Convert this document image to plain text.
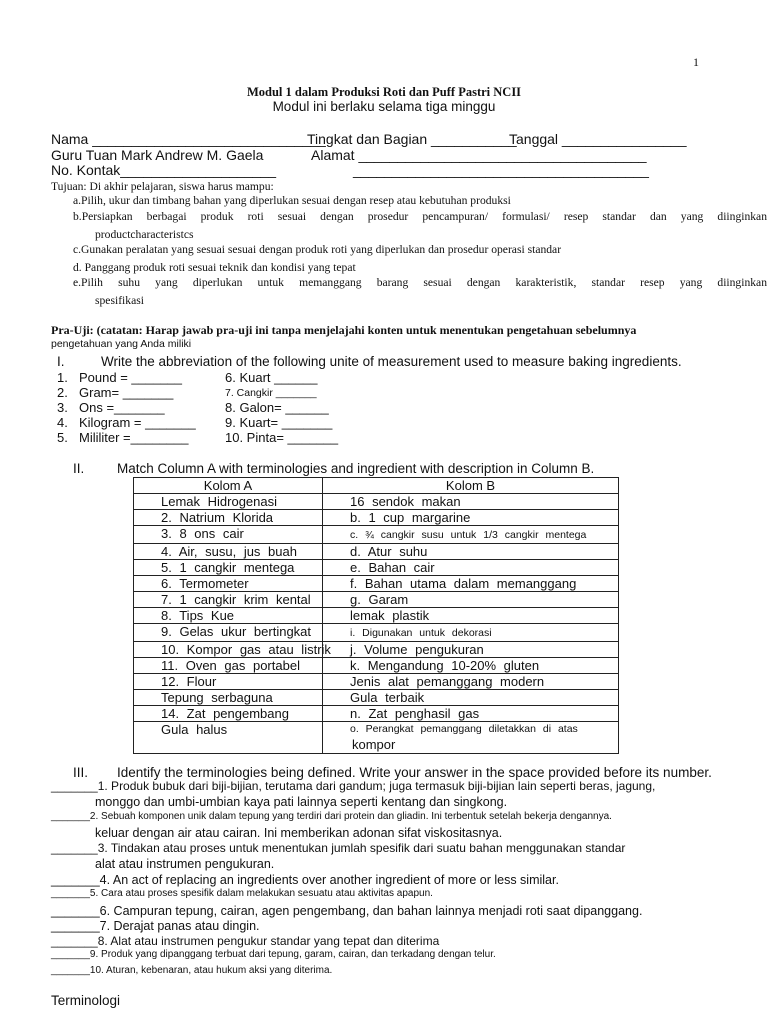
1
Modul 1 dalam Produksi Roti dan Puff Pastri NCII
Modul ini berlaku selama tiga minggu
Nama ______________________________
Tingkat dan Bagian ___________
Tanggal ________________
Guru Tuan Mark Andrew M. Gaela	Alamat _____________________________________
No. Kontak____________________	______________________________________
Tujuan: Di akhir pelajaran, siswa harus mampu:
a.Pilih, ukur dan timbang bahan yang diperlukan sesuai dengan resep atau kebutuhan produksi
b.Persiapkan berbagai produk roti sesuai dengan prosedur pencampuran/ formulasi/ resep standar dan yang diinginkan
productcharacteristcs
c.Gunakan peralatan yang sesuai sesuai dengan produk roti yang diperlukan dan prosedur operasi standar
d. Panggang produk roti sesuai teknik dan kondisi yang tepat
e.Pilih suhu yang diperlukan untuk memanggang barang sesuai dengan karakteristik, standar resep yang diinginkan
spesifikasi
Pra-Uji: (catatan: Harap jawab pra-uji ini tanpa menjelajahi konten untuk menentukan pengetahuan sebelumnya
pengetahuan yang Anda miliki
I.	Write the abbreviation of the following unite of measurement used to measure baking ingredients.
1. Pound = _______
2. Gram= _______
3. Ons =_______
4. Kilogram = _______
5. Mililiter =________
6. Kuart ______
7. Cangkir _______
8. Galon= ______
9. Kuart= _______
10. Pinta= _______
II. Match Column A with terminologies and ingredient with description in Column B.
Kolom A	Kolom B
Lemak Hidrogenasi	16 sendok makan
2. Natrium Klorida	b. 1 cup margarine
3. 8 ons cair	c. ¾ cangkir susu untuk 1/3 cangkir mentega
4. Air, susu, jus buah	d. Atur suhu
5. 1 cangkir mentega	e. Bahan cair
6. Termometer	f. Bahan utama dalam memanggang
7. 1 cangkir krim kental	g. Garam
8. Tips Kue	lemak plastik
9. Gelas ukur bertingkat	i. Digunakan untuk dekorasi
10. Kompor gas atau listrik	j. Volume pengukuran
11. Oven gas portabel	k. Mengandung 10-20% gluten
12. Flour	Jenis alat pemanggang modern
Tepung serbaguna	Gula terbaik
14. Zat pengembang	n. Zat penghasil gas
Gula halus	o. Perangkat pemanggang diletakkan di atas
kompor
III. Identify the terminologies being defined. Write your answer in the space provided before its number.
_______1. Produk bubuk dari biji-bijian, terutama dari gandum; juga termasuk biji-bijian lain seperti beras, jagung,
monggo dan umbi-umbian kaya pati lainnya seperti kentang dan singkong.
_______2. Sebuah komponen unik dalam tepung yang terdiri dari protein dan gliadin. Ini terbentuk setelah bekerja dengannya.
keluar dengan air atau cairan. Ini memberikan adonan sifat viskositasnya.
_______3. Tindakan atau proses untuk menentukan jumlah spesifik dari suatu bahan menggunakan standar
alat atau instrumen pengukuran.
_______4. An act of replacing an ingredients over another ingredient of more or less similar.
_______5. Cara atau proses spesifik dalam melakukan sesuatu atau aktivitas apapun.
_______6. Campuran tepung, cairan, agen pengembang, dan bahan lainnya menjadi roti saat dipanggang.
_______7. Derajat panas atau dingin.
_______8. Alat atau instrumen pengukur standar yang tepat dan diterima
_______9. Produk yang dipanggang terbuat dari tepung, garam, cairan, dan terkadang dengan telur.
_______10. Aturan, kebenaran, atau hukum aksi yang diterima.
Terminologi
